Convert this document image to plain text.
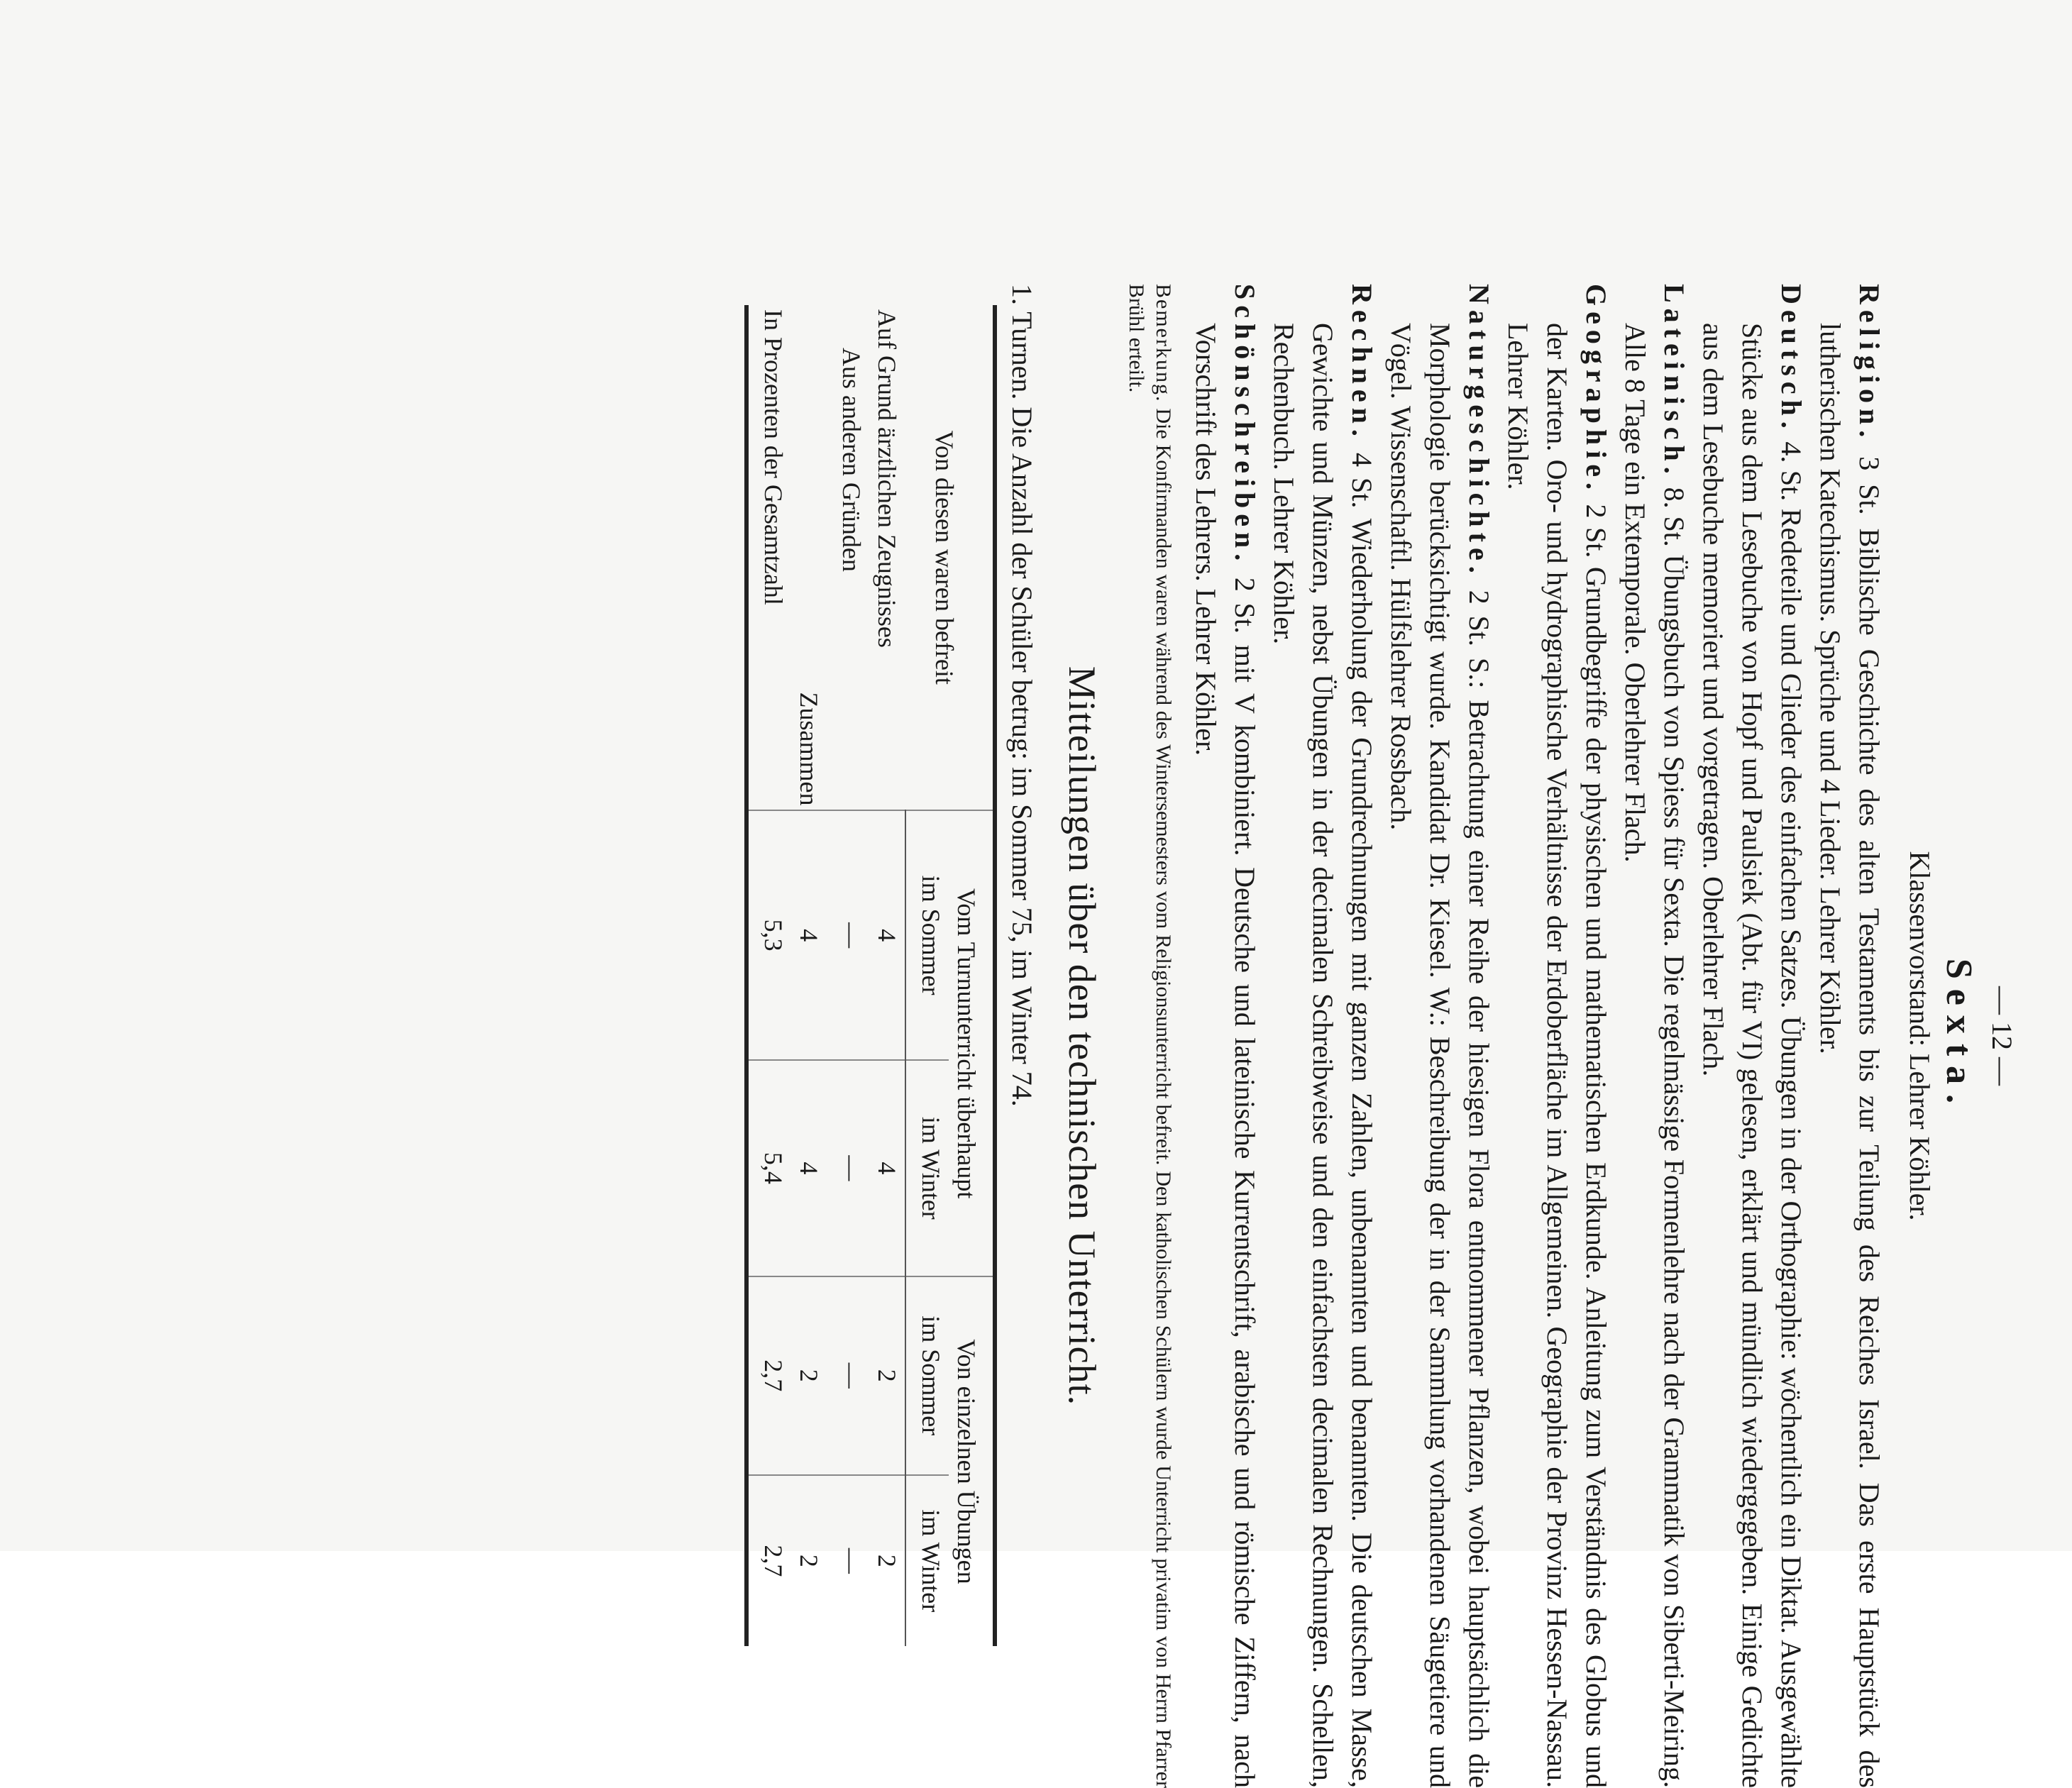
— 12 —
Sexta.
Klassenvorstand: Lehrer Köhler.

Religion. 3 St. Biblische Geschichte des alten Testaments bis zur Teilung des Reiches Israel. Das erste Hauptstück des lutherischen Katechismus. Sprüche und 4 Lieder. Lehrer Köhler.

Deutsch. 4. St. Redeteile und Glieder des einfachen Satzes. Übungen in der Orthographie: wöchentlich ein Diktat. Ausgewählte Stücke aus dem Lesebuche von Hopf und Paulsiek (Abt. für VI) gelesen, erklärt und mündlich wiedergegeben. Einige Gedichte aus dem Lesebuche memoriert und vorgetragen. Oberlehrer Flach.

Lateinisch. 8. St. Übungsbuch von Spiess für Sexta. Die regelmässige Formenlehre nach der Grammatik von Siberti-Meiring. Alle 8 Tage ein Extemporale. Oberlehrer Flach.

Geographie. 2 St. Grundbegriffe der physischen und mathematischen Erdkunde. Anleitung zum Verständnis des Globus und der Karten. Oro- und hydrographische Verhältnisse der Erdoberfläche im Allgemeinen. Geographie der Provinz Hessen-Nassau. Lehrer Köhler.

Naturgeschichte. 2 St. S.: Betrachtung einer Reihe der hiesigen Flora entnommener Pflanzen, wobei hauptsächlich die Morphologie berücksichtigt wurde. Kandidat Dr. Kiesel. W.: Beschreibung der in der Sammlung vorhandenen Säugetiere und Vögel. Wissenschaftl. Hülfslehrer Rossbach.

Rechnen. 4 St. Wiederholung der Grundrechnungen mit ganzen Zahlen, unbenannten und benannten. Die deutschen Masse, Gewichte und Münzen, nebst Übungen in der decimalen Schreibweise und den einfachsten decimalen Rechnungen. Schellen, Rechenbuch. Lehrer Köhler.

Schönschreiben. 2 St. mit V kombiniert. Deutsche und lateinische Kurrentschrift, arabische und römische Ziffern, nach Vorschrift des Lehrers. Lehrer Köhler.

Bemerkung. Die Konfirmanden waren während des Wintersemesters vom Religionsunterricht befreit. Den katholischen Schülern wurde Unterricht privatim von Herrn Pfarrer Brühl erteilt.

Mitteilungen über den technischen Unterricht.

1. Turnen. Die Anzahl der Schüler betrug: im Sommer 75, im Winter 74.

Von diesen waren befreit	Vom Turnunterricht überhaupt		Von einzelnen Übungen	
	im Sommer	im Winter	im Sommer	im Winter
Auf Grund ärztlichen Zeugnisses	4	4	2	2
Aus anderen Gründen	—	—	—	—
Zusammen	4	4	2	2
In Prozenten der Gesamtzahl	5,3	5,4	2,7	2,7
